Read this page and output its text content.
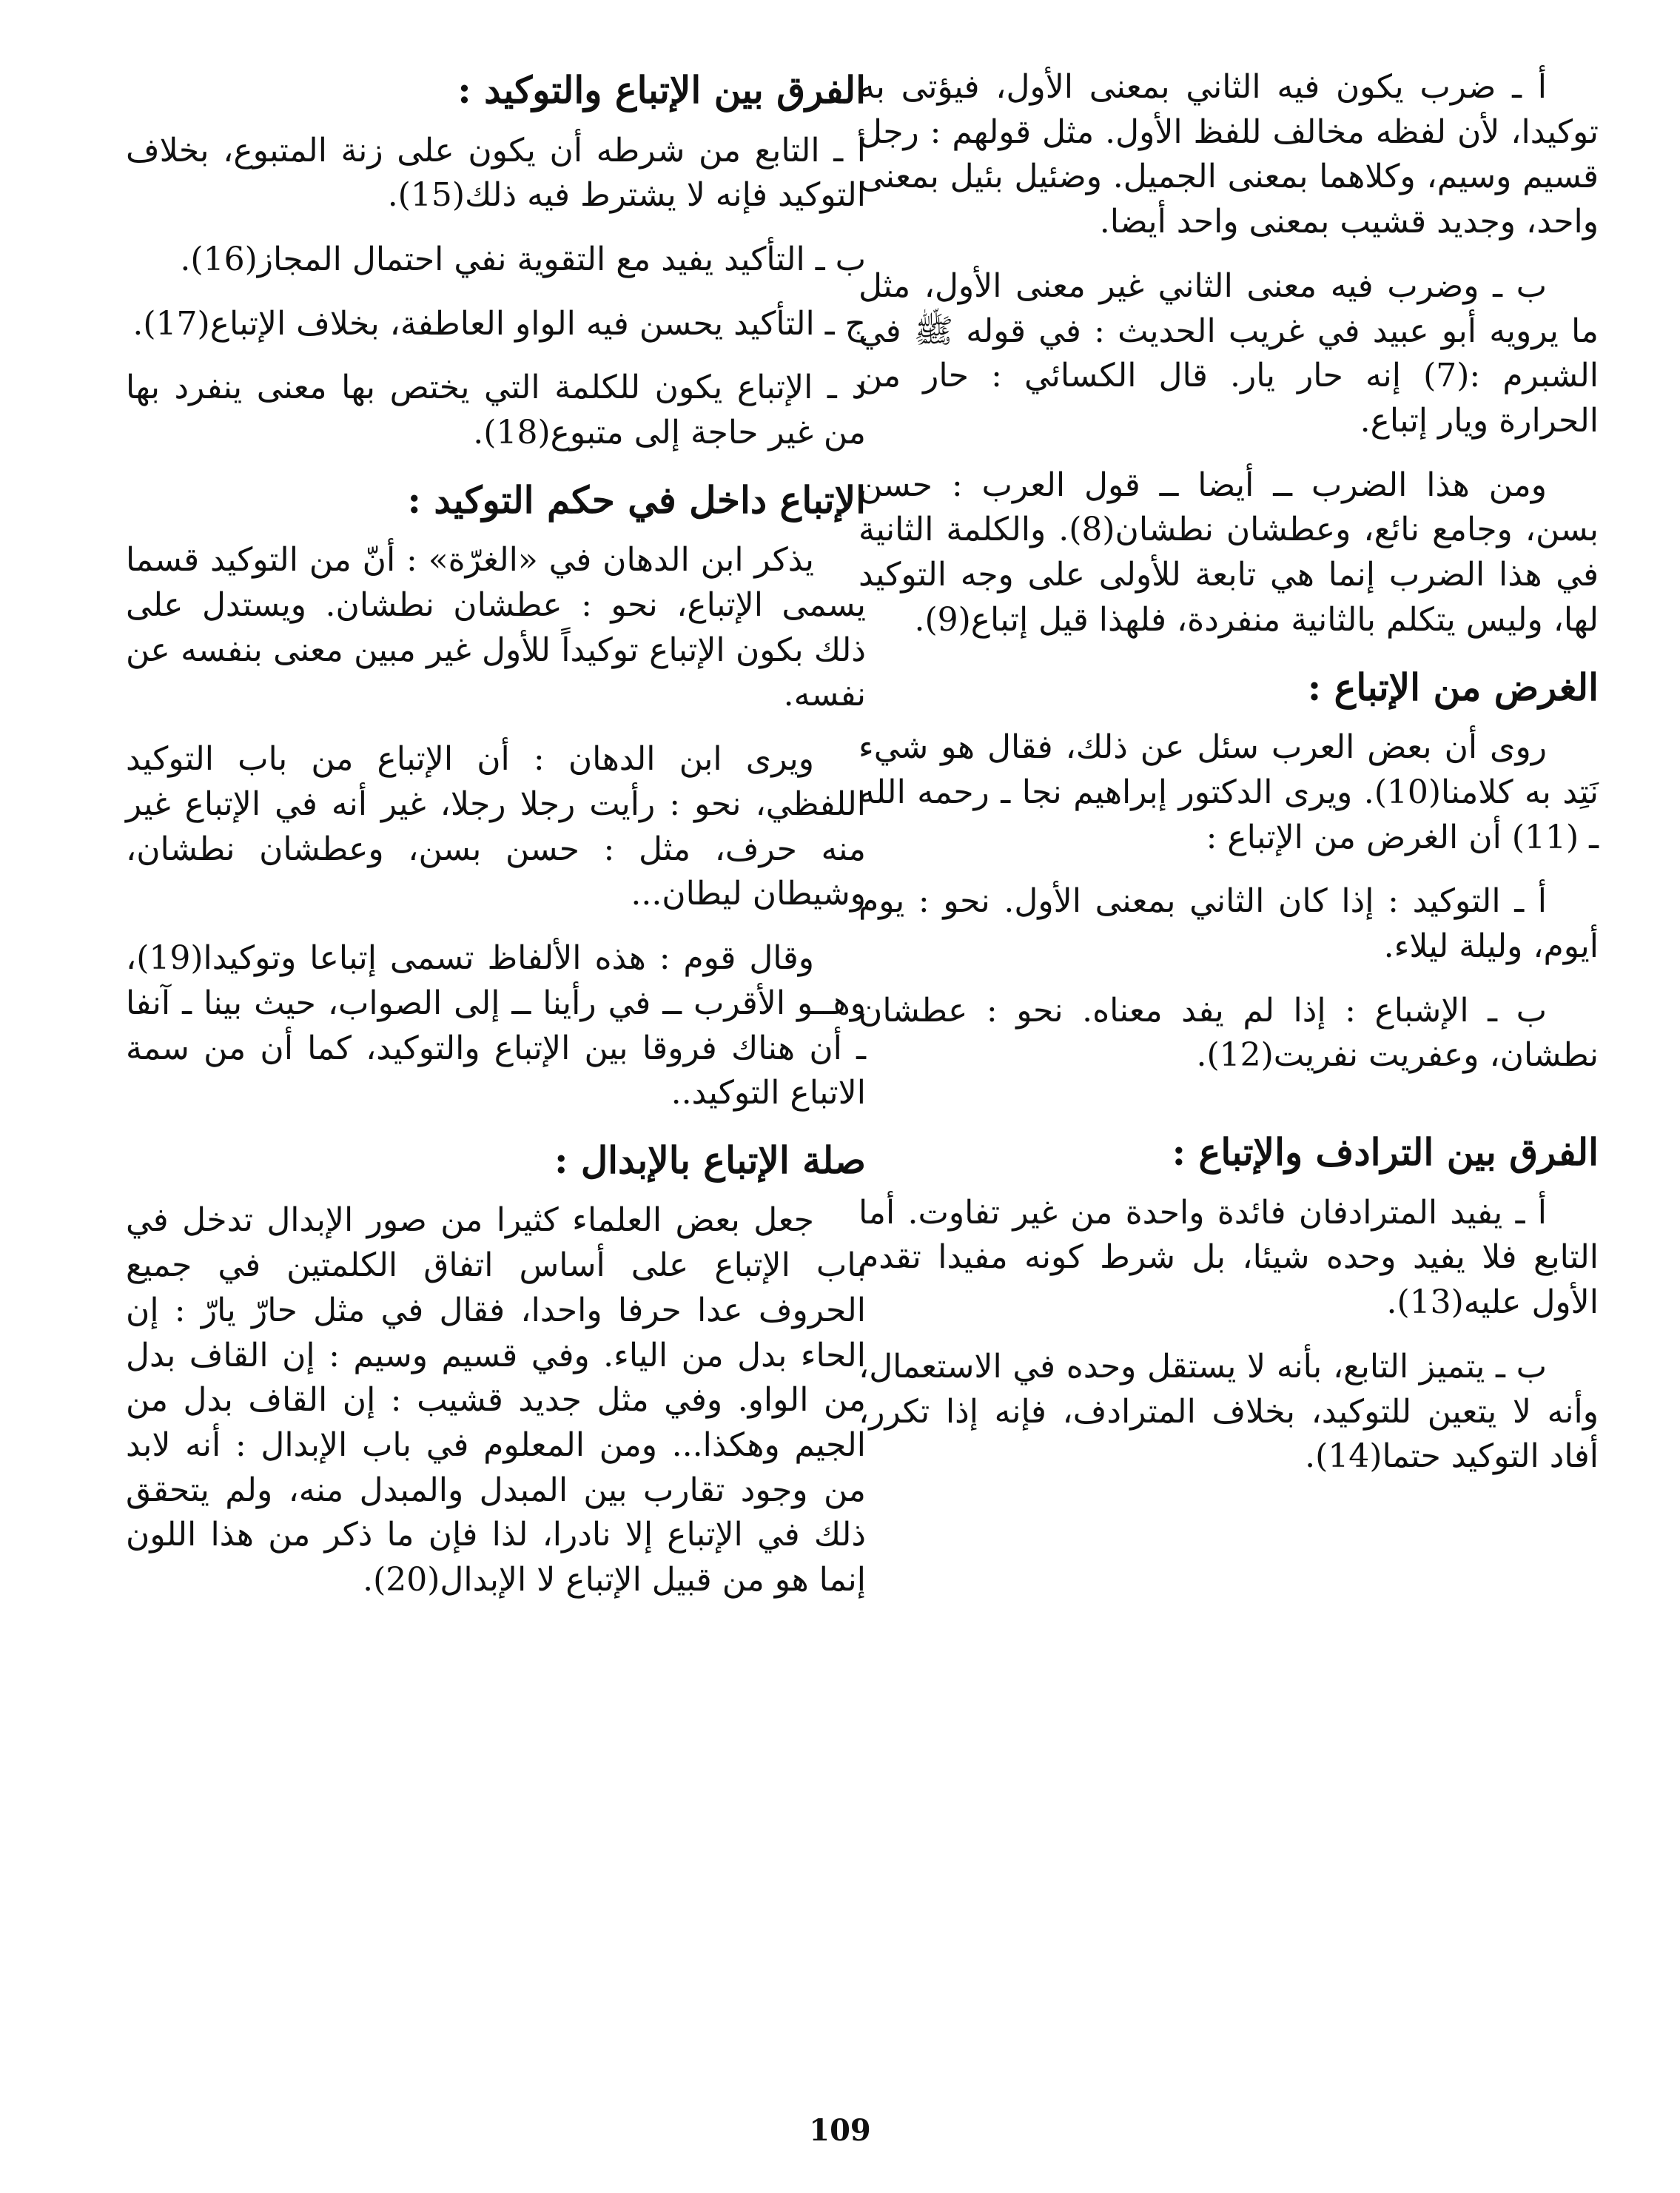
أ ـ ضرب يكون فيه الثاني بمعنى الأول، فيؤتى به توكيدا، لأن لفظه مخالف للفظ الأول. مثل قولهم : رجل قسيم وسيم، وكلاهما بمعنى الجميل. وضئيل بئيل بمعنى واحد، وجديد قشيب بمعنى واحد أيضا.

ب ـ وضرب فيه معنى الثاني غير معنى الأول، مثل ما يرويه أبو عبيد في غريب الحديث : في قوله ﷺ في الشبرم :(7) إنه حار يار. قال الكسائي : حار من الحرارة ويار إتباع.

ومن هذا الضرب ــ أيضا ــ قول العرب : حسن بسن، وجامع نائع، وعطشان نطشان(8). والكلمة الثانية في هذا الضرب إنما هي تابعة للأولى على وجه التوكيد لها، وليس يتكلم بالثانية منفردة، فلهذا قيل إتباع(9).

الغرض من الإتباع :

روى أن بعض العرب سئل عن ذلك، فقال هو شيء نَتِد به كلامنا(10). ويرى الدكتور إبراهيم نجا ـ رحمه الله ـ (11) أن الغرض من الإتباع :

أ ـ التوكيد : إذا كان الثاني بمعنى الأول. نحو : يوم أيوم، وليلة ليلاء.

ب ـ الإشباع : إذا لم يفد معناه. نحو : عطشان نطشان، وعفريت نفريت(12).

الفرق بين الترادف والإتباع :

أ ـ يفيد المترادفان فائدة واحدة من غير تفاوت. أما التابع فلا يفيد وحده شيئا، بل شرط كونه مفيدا تقدم الأول عليه(13).

ب ـ يتميز التابع، بأنه لا يستقل وحده في الاستعمال، وأنه لا يتعين للتوكيد، بخلاف المترادف، فإنه إذا تكرر، أفاد التوكيد حتما(14).

الفرق بين الإتباع والتوكيد :

أ ـ التابع من شرطه أن يكون على زنة المتبوع، بخلاف التوكيد فإنه لا يشترط فيه ذلك(15).

ب ـ التأكيد يفيد مع التقوية نفي احتمال المجاز(16).

ج ـ التأكيد يحسن فيه الواو العاطفة، بخلاف الإتباع(17).

د ـ الإتباع يكون للكلمة التي يختص بها معنى ينفرد بها من غير حاجة إلى متبوع(18).

الإتباع داخل في حكم التوكيد :

يذكر ابن الدهان في «الغرّة» : أنّ من التوكيد قسما يسمى الإتباع، نحو : عطشان نطشان. ويستدل على ذلك بكون الإتباع توكيداً للأول غير مبين معنى بنفسه عن نفسه.

ويرى ابن الدهان : أن الإتباع من باب التوكيد اللفظي، نحو : رأيت رجلا رجلا، غير أنه في الإتباع غير منه حرف، مثل : حسن بسن، وعطشان نطشان، وشيطان ليطان...

وقال قوم : هذه الألفاظ تسمى إتباعا وتوكيدا(19)، وهــو الأقرب ــ في رأينا ــ إلى الصواب، حيث بينا ـ آنفا ـ أن هناك فروقا بين الإتباع والتوكيد، كما أن من سمة الاتباع التوكيد..

صلة الإتباع بالإبدال :

جعل بعض العلماء كثيرا من صور الإبدال تدخل في باب الإتباع على أساس اتفاق الكلمتين في جميع الحروف عدا حرفا واحدا، فقال في مثل حارّ يارّ : إن الحاء بدل من الياء. وفي قسيم وسيم : إن القاف بدل من الواو. وفي مثل جديد قشيب : إن القاف بدل من الجيم وهكذا... ومن المعلوم في باب الإبدال : أنه لابد من وجود تقارب بين المبدل والمبدل منه، ولم يتحقق ذلك في الإتباع إلا نادرا، لذا فإن ما ذكر من هذا اللون إنما هو من قبيل الإتباع لا الإبدال(20).

109
